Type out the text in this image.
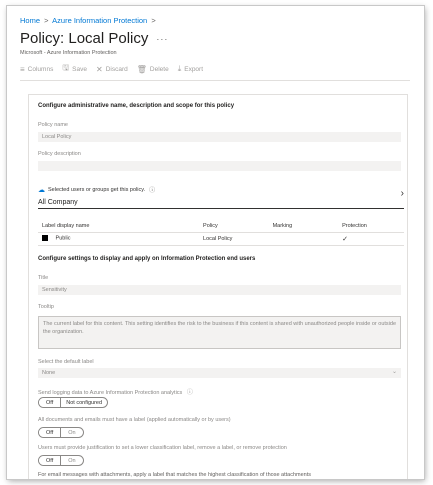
Home > Azure Information Protection >
Policy: Local Policy ···
Microsoft - Azure Information Protection
≡ Columns 🖫 Save ✕ Discard 🗑 Delete ⤓ Export
Configure administrative name, description and scope for this policy
Policy name
Local Policy
Policy description
☁ Selected users or groups get this policy. ⓘ
All Company
›
Label display name	Policy	Marking	Protection
Public	Local Policy		✓
Configure settings to display and apply on Information Protection end users
Title
Sensitivity
Tooltip
The current label for this content. This setting identifies the risk to the business if this content is shared with unauthorized people inside or outside the organization.
Select the default label
None	⌄
Send logging data to Azure Information Protection analytics ⓘ
Off	Not configured
All documents and emails must have a label (applied automatically or by users)
Off	On
Users must provide justification to set a lower classification label, remove a label, or remove protection
Off	On
For email messages with attachments, apply a label that matches the highest classification of those attachments
